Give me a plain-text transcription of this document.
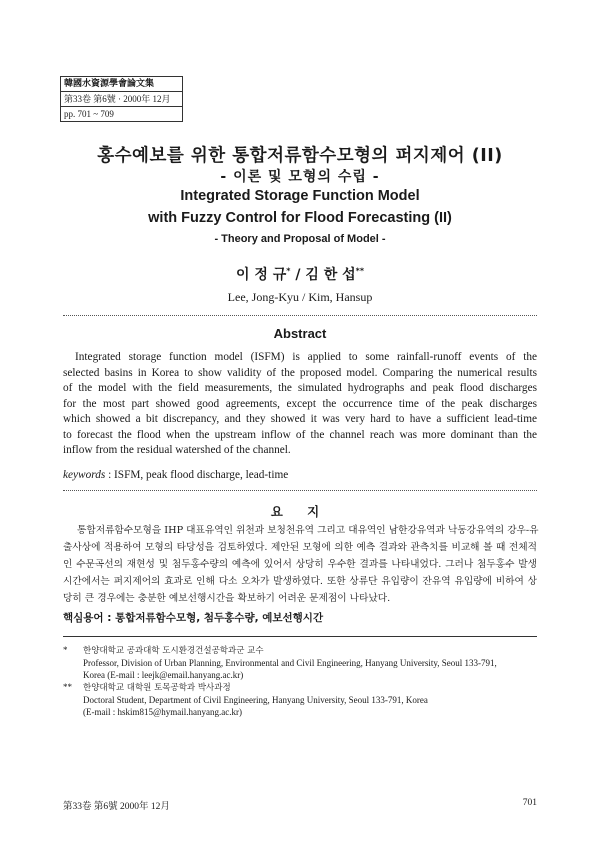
韓國水資源學會論文集
第33卷 第6號 · 2000年 12月
pp. 701 ~ 709
홍수예보를 위한 통합저류함수모형의 퍼지제어 (II)
- 이론 및 모형의 수립 -
Integrated Storage Function Model
with Fuzzy Control for Flood Forecasting (II)
- Theory and Proposal of Model -
이 정 규* / 김 한 섭**
Lee, Jong-Kyu / Kim, Hansup
Abstract
Integrated storage function model (ISFM) is applied to some rainfall-runoff events of the
selected basins in Korea to show validity of the proposed model. Comparing the numerical results
of the model with the field measurements, the simulated hydrographs and peak flood discharges
for the most part showed good agreements, except the occurrence time of the peak discharges
which showed a bit discrepancy, and they showed it was very hard to have a sufficient lead-time
to forecast the flood when the upstream inflow of the channel reach was more dominant than the
inflow from the residual watershed of the channel.
keywords : ISFM, peak flood discharge, lead-time
요 지
통합저류함수모형을 IHP 대표유역인 위천과 보청천유역 그리고 대유역인 남한강유역과 낙동강유역의 강우-유
출사상에 적용하여 모형의 타당성을 검토하였다. 제안된 모형에 의한 예측 결과와 관측치를 비교해 볼 때 전체적
인 수문곡선의 재현성 및 첨두홍수량의 예측에 있어서 상당히 우수한 결과를 나타내었다. 그러나 첨두홍수 발생
시간에서는 퍼지제어의 효과로 인해 다소 오차가 발생하였다. 또한 상류단 유입량이 잔유역 유입량에 비하여 상
당히 큰 경우에는 충분한 예보선행시간을 확보하기 어려운 문제점이 나타났다.
핵심용어 : 통합저류함수모형, 첨두홍수량, 예보선행시간
* 한양대학교 공과대학 도시환경건설공학과군 교수
Professor, Division of Urban Planning, Environmental and Civil Engineering, Hanyang University, Seoul 133-791,
Korea (E-mail : leejk@email.hanyang.ac.kr)
** 한양대학교 대학원 토목공학과 박사과정
Doctoral Student, Department of Civil Engineering, Hanyang University, Seoul 133-791, Korea
(E-mail : hskim815@hymail.hanyang.ac.kr)
第33卷 第6號 2000年 12月	701
